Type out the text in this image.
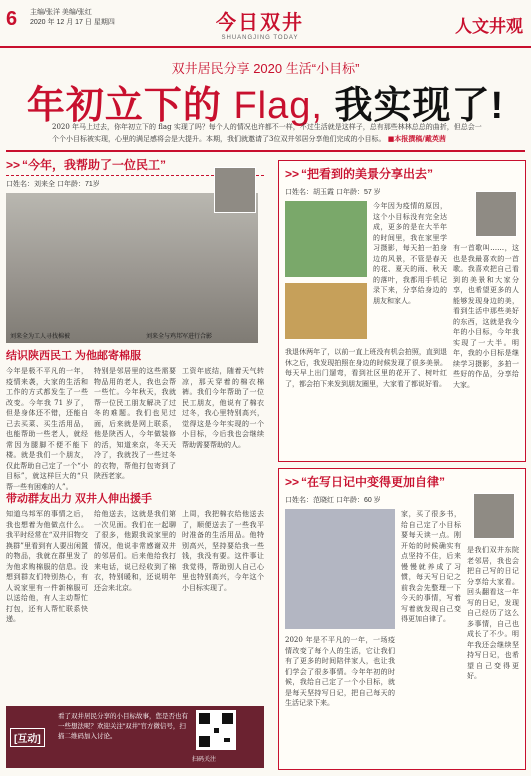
6 主编/张洋 美编/张红
2020 年 12 月 17 日 星期四	今日双井
SHUANGJING TODAY
人文井观
双井居民分享 2020 生活“小目标”
年初立下的 Flag, 我实现了!
2020 年马上过去，你年初立下的 flag 实现了吗？每个人的情况也许都不一样，不过生活就是这样子，总有那些林林总总的曲折，但总会一个个小目标被实现，心里的满足感将会是大提升。本期，我们就邀请了3位双井邻居分享他们完成的小目标。 ■本报撰稿/戴英茜
>> “今年，我帮助了一位民工”
口姓名：刘来全 口年龄：71岁
刘来全为工人寻找棉被	刘来全与鸡邦军进行合影
结识陕西民工 为他邮寄棉服
今年是极不平凡的一年，疫情来袭，大家的生活和工作的方式都发生了一些改变。今年我 71 岁了，但是身体还不错，还能自己去买菜、买生活用品，也能帮助一些老人，就经常因为腿脚不便不能下楼。就是我们一个朋友，仅此帮助自己定了一个“小目标”，就这样巨大的“只帮一些有困难的人”。
特别是邻居里的这些需要物品用的老人，我也会帮一些忙。今年秋天，我就帮一位民工朋友解决了过冬的难题。我们也见过面，后来就是网上联系，他是陕西人，今年做装修的活，知道来京，冬天天冷了，我就找了一些过冬的衣物，帮他打包寄到了陕西老家。
工资年底结，随着天气转凉，那天穿着的棉衣棉裤。我们今年帮助了一位民工朋友，他说有了棉衣过冬，我心里特别高兴，觉得这是今年实现的一个小目标，今后我也会继续帮助需要帮助的人。
带动群友出力 双井人伸出援手
知道乌邦军的事情之后，我也想着为他做点什么。我平时经常在“双井旧物交换群”里看到有人要出闲置的物品，我就在群里发了为他求购棉服的信息。没想到群友们特别热心，有人说家里有一件新棉服可以送给他，有人主动帮忙打包，还有人帮忙联系快递。
给他送去，这就是我们第一次见面。我们在一起聊了很多，他跟我说家里的情况，他说非常感谢双井的邻居们。后来他给我打来电话，说已经收到了棉衣，特别暖和，还说明年还会来北京。
上周，我把棉衣给他送去了，顺便送去了一些我平时准备的生活用品。他特别高兴，坚持要给我一些钱，我没有要。这件事让我觉得，帮助别人自己心里也特别高兴，今年这个小目标实现了。
>> “把看到的美景分享出去”
口姓名：胡玉霞 口年龄：57 岁
今年因为疫情的原因，这个小目标没有完全达成，更多的是在大半年的时间里，我在家里学习摄影，每天拍一拍身边的风景，不管是春天的花、夏天的雨、秋天的落叶，我都用手机记录下来，分享给身边的朋友和家人。
我退休两年了，以前一直上班没有机会拍照，直到退休之后，我发现拍照在身边的时候发现了很多美景。每天早上出门遛弯，看到社区里的花开了、树叶红了，都会拍下来发到朋友圈里，大家看了都说好看。
有一首歌叫……，这也是我最喜欢的一首歌。我喜欢把自己看到的美景和大家分享，也希望更多的人能够发现身边的美，看到生活中那些美好的东西，这就是我今年的小目标，今年我实现了一大半。明年，我的小目标是继续学习摄影，多拍一些好的作品，分享给大家。
>> “在写日记中变得更加自律”
口姓名：范晓红 口年龄：60 岁
2020 年是不平凡的一年，一场疫情改变了每个人的生活，它让我们有了更多的时间陪伴家人，也让我们学会了很多事情。今年年初的时候，我给自己定了一个小目标，就是每天坚持写日记，把自己每天的生活记录下来。
家，买了很多书，给自己定了小目标要每天读一点。刚开始的时候确实有点坚持不住，后来慢慢就养成了习惯，每天写日记之前我会先整理一下今天的事情，写着写着就发现自己变得更加自律了。
是我们双井东院老邻居，我也会把自己写的日记分享给大家看。回头翻看这一年写的日记，发现自己经历了这么多事情，自己也成长了不少。明年我还会继续坚持写日记，也希望自己变得更好。
[互动]
看了双井居民分享的小目标故事，您是否也有一些想法呢？欢迎关注“双井”官方微信号，扫描二维码加入讨论。
扫码关注
